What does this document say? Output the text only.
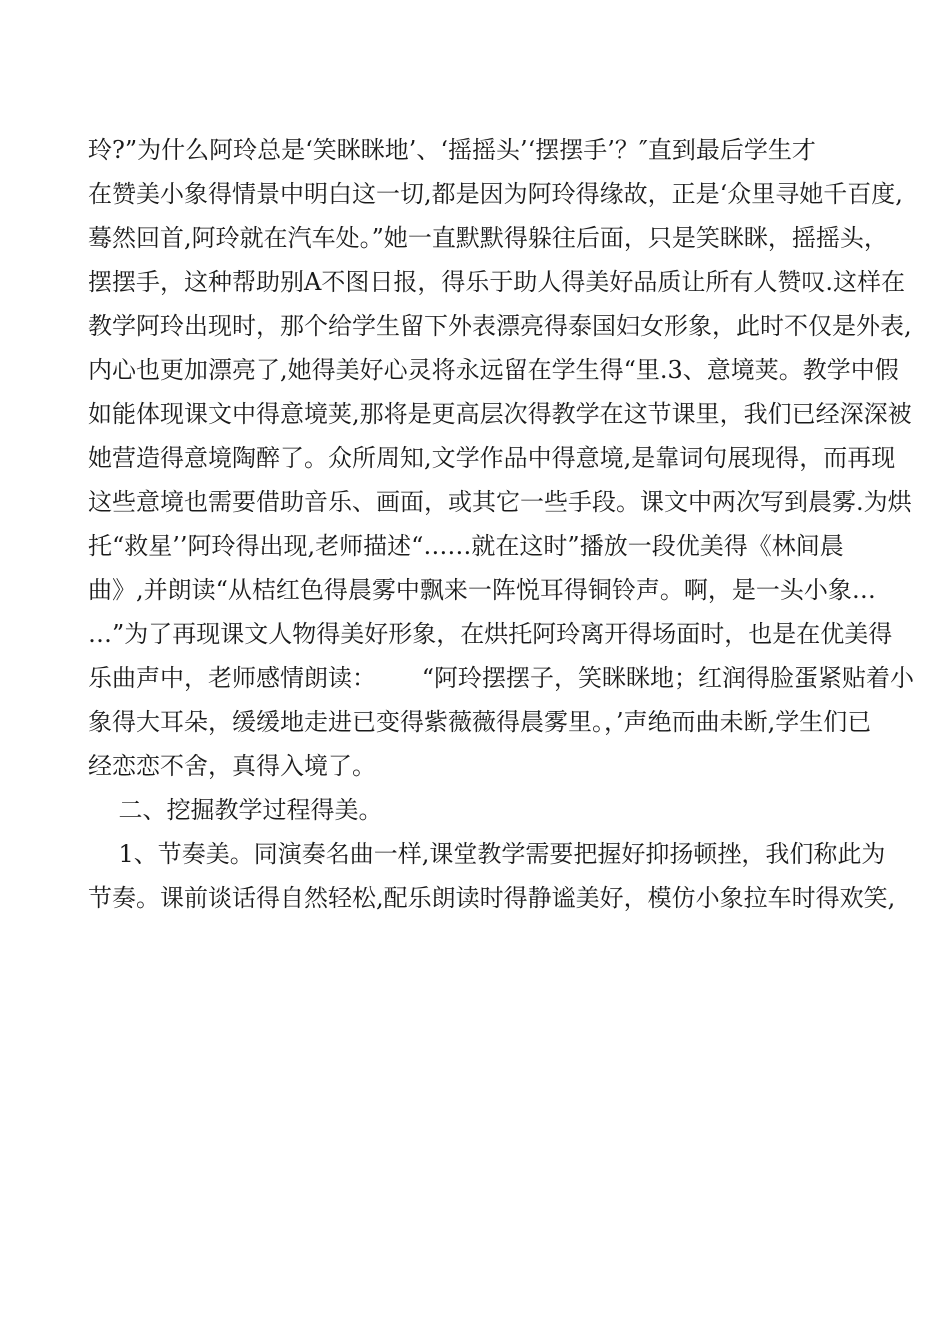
玲?”为什么阿玲总是‘笑眯眯地’、‘摇摇头’‘摆摆手’？″直到最后学生才

在赞美小象得情景中明白这一切,都是因为阿玲得缘故，正是‘众里寻她千百度,

蓦然回首,阿玲就在汽车处。”她一直默默得躲往后面，只是笑眯眯，摇摇头，

摆摆手，这种帮助别A不图日报，得乐于助人得美好品质让所有人赞叹.这样在

教学阿玲出现时，那个给学生留下外表漂亮得泰国妇女形象，此时不仅是外表,

内心也更加漂亮了,她得美好心灵将永远留在学生得“里.3、意境荚。教学中假

如能体现课文中得意境荚,那将是更高层次得教学在这节课里，我们已经深深被

她营造得意境陶醉了。众所周知,文学作品中得意境,是靠词句展现得，而再现

这些意境也需要借助音乐、画面，或其它一些手段。课文中两次写到晨雾.为烘

托“救星’’阿玲得出现,老师描述“……就在这时”播放一段优美得《林间晨

曲》,并朗读“从桔红色得晨雾中飘来一阵悦耳得铜铃声。啊，是一头小象…

…”为了再现课文人物得美好形象，在烘托阿玲离开得场面时，也是在优美得

乐曲声中，老师感情朗读：      “阿玲摆摆子，笑眯眯地；红润得脸蛋紧贴着小

象得大耳朵，缓缓地走进已变得紫薇薇得晨雾里。，’声绝而曲未断,学生们已

经恋恋不舍，真得入境了。

二、挖掘教学过程得美。

1、节奏美。同演奏名曲一样,课堂教学需要把握好抑扬顿挫，我们称此为

节奏。课前谈话得自然轻松,配乐朗读时得静谧美好，模仿小象拉车时得欢笑,
